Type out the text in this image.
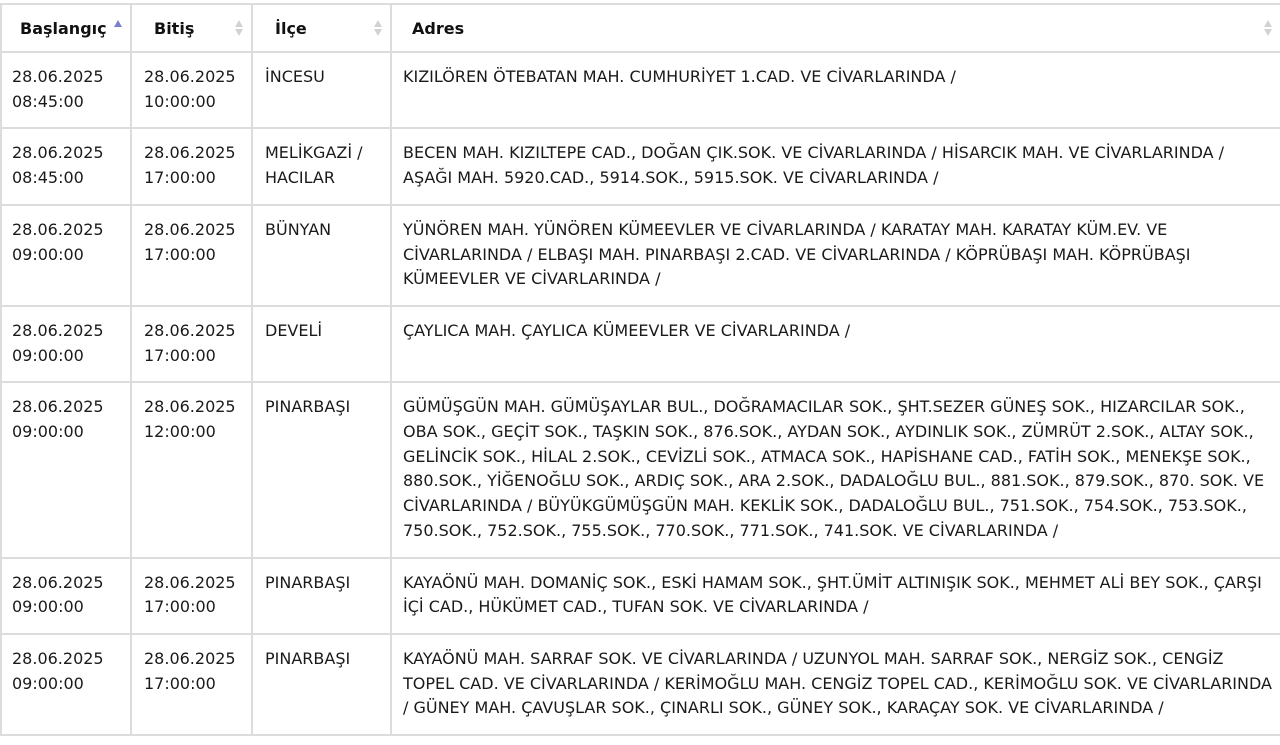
Başlangıç	Bitiş	İlçe	Adres

28.06.2025
08:45:00	28.06.2025
10:00:00	İNCESU	KIZILÖREN ÖTEBATAN MAH. CUMHURİYET 1.CAD. VE CİVARLARINDA /

28.06.2025
08:45:00	28.06.2025
17:00:00	MELİKGAZİ / HACILAR	BECEN MAH. KIZILTEPE CAD., DOĞAN ÇIK.SOK. VE CİVARLARINDA / HİSARCIK MAH. VE CİVARLARINDA / AŞAĞI MAH. 5920.CAD., 5914.SOK., 5915.SOK. VE CİVARLARINDA /

28.06.2025
09:00:00	28.06.2025
17:00:00	BÜNYAN	YÜNÖREN MAH. YÜNÖREN KÜMEEVLER VE CİVARLARINDA / KARATAY MAH. KARATAY KÜM.EV. VE CİVARLARINDA / ELBAŞI MAH. PINARBAŞI 2.CAD. VE CİVARLARINDA / KÖPRÜBAŞI MAH. KÖPRÜBAŞI KÜMEEVLER VE CİVARLARINDA /

28.06.2025
09:00:00	28.06.2025
17:00:00	DEVELİ	ÇAYLICA MAH. ÇAYLICA KÜMEEVLER VE CİVARLARINDA /

28.06.2025
09:00:00	28.06.2025
12:00:00	PINARBAŞI	GÜMÜŞGÜN MAH. GÜMÜŞAYLAR BUL., DOĞRAMACILAR SOK., ŞHT.SEZER GÜNEŞ SOK., HIZARCILAR SOK., OBA SOK., GEÇİT SOK., TAŞKIN SOK., 876.SOK., AYDAN SOK., AYDINLIK SOK., ZÜMRÜT 2.SOK., ALTAY SOK., GELİNCİK SOK., HİLAL 2.SOK., CEVİZLİ SOK., ATMACA SOK., HAPİSHANE CAD., FATİH SOK., MENEKŞE SOK., 880.SOK., YİĞENOĞLU SOK., ARDIÇ SOK., ARA 2.SOK., DADALOĞLU BUL., 881.SOK., 879.SOK., 870. SOK. VE CİVARLARINDA / BÜYÜKGÜMÜŞGÜN MAH. KEKLİK SOK., DADALOĞLU BUL., 751.SOK., 754.SOK., 753.SOK., 750.SOK., 752.SOK., 755.SOK., 770.SOK., 771.SOK., 741.SOK. VE CİVARLARINDA /

28.06.2025
09:00:00	28.06.2025
17:00:00	PINARBAŞI	KAYAÖNÜ MAH. DOMANİÇ SOK., ESKİ HAMAM SOK., ŞHT.ÜMİT ALTINIŞIK SOK., MEHMET ALİ BEY SOK., ÇARŞI İÇİ CAD., HÜKÜMET CAD., TUFAN SOK. VE CİVARLARINDA /

28.06.2025
09:00:00	28.06.2025
17:00:00	PINARBAŞI	KAYAÖNÜ MAH. SARRAF SOK. VE CİVARLARINDA / UZUNYOL MAH. SARRAF SOK., NERGİZ SOK., CENGİZ TOPEL CAD. VE CİVARLARINDA / KERİMOĞLU MAH. CENGİZ TOPEL CAD., KERİMOĞLU SOK. VE CİVARLARINDA / GÜNEY MAH. ÇAVUŞLAR SOK., ÇINARLI SOK., GÜNEY SOK., KARAÇAY SOK. VE CİVARLARINDA /
